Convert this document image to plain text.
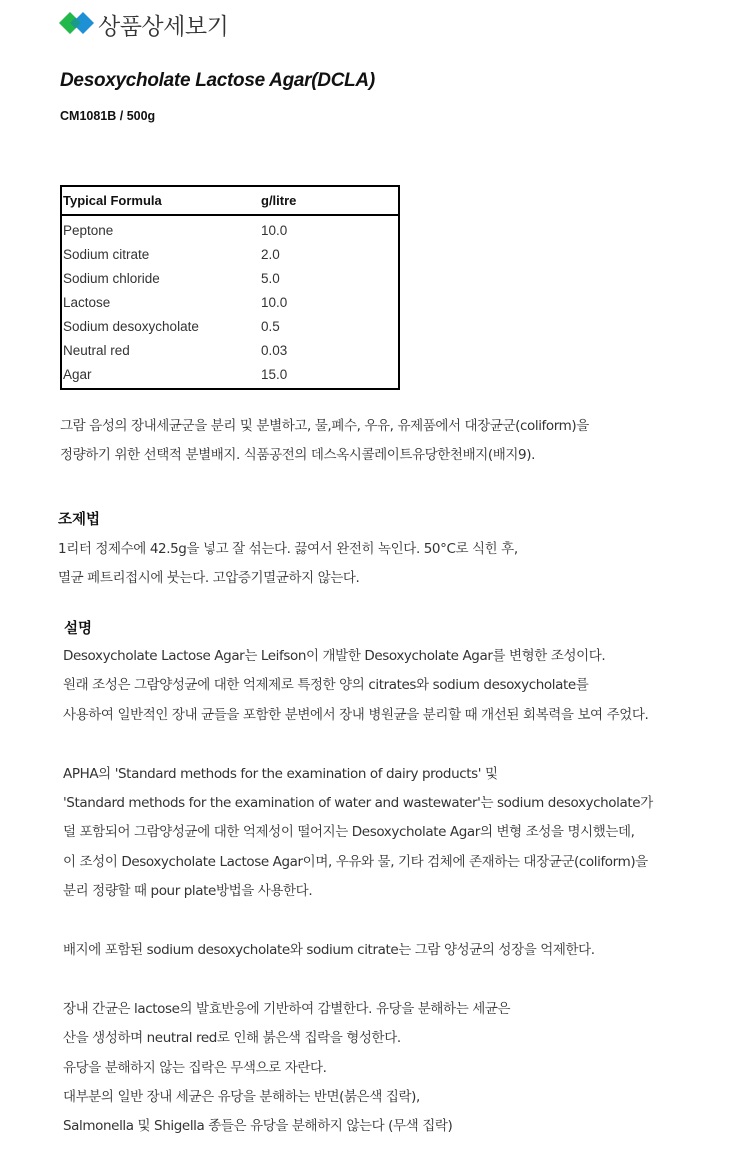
상품상세보기
Desoxycholate Lactose Agar(DCLA)
CM1081B / 500g
Typical Formula	g/litre
Peptone	10.0
Sodium citrate	2.0
Sodium chloride	5.0
Lactose	10.0
Sodium desoxycholate	0.5
Neutral red	0.03
Agar	15.0

그람 음성의 장내세균군을 분리 및 분별하고, 물,폐수, 우유, 유제품에서 대장균군(coliform)을
정량하기 위한 선택적 분별배지. 식품공전의 데스옥시콜레이트유당한천배지(배지9).

조제법

1리터 정제수에 42.5g을 넣고 잘 섞는다. 끓여서 완전히 녹인다. 50°C로 식힌 후,
멸균 페트리접시에 붓는다. 고압증기멸균하지 않는다.

설명

Desoxycholate Lactose Agar는 Leifson이 개발한 Desoxycholate Agar를 변형한 조성이다.
원래 조성은 그람양성균에 대한 억제제로 특정한 양의 citrates와 sodium desoxycholate를
사용하여 일반적인 장내 균들을 포함한 분변에서 장내 병원균을 분리할 때 개선된 회복력을 보여 주었다.
APHA의 'Standard methods for the examination of dairy products' 및
'Standard methods for the examination of water and wastewater'는 sodium desoxycholate가
덜 포함되어 그람양성균에 대한 억제성이 떨어지는 Desoxycholate Agar의 변형 조성을 명시했는데,
이 조성이 Desoxycholate Lactose Agar이며, 우유와 물, 기타 검체에 존재하는 대장균군(coliform)을
분리 정량할 때 pour plate방법을 사용한다.
배지에 포함된 sodium desoxycholate와 sodium citrate는 그람 양성균의 성장을 억제한다.
장내 간균은 lactose의 발효반응에 기반하여 감별한다. 유당을 분해하는 세균은
산을 생성하며 neutral red로 인해 붉은색 집락을 형성한다.
유당을 분해하지 않는 집락은 무색으로 자란다.
대부분의 일반 장내 세균은 유당을 분해하는 반면(붉은색 집락),
Salmonella 및 Shigella 종들은 유당을 분해하지 않는다 (무색 집락)
